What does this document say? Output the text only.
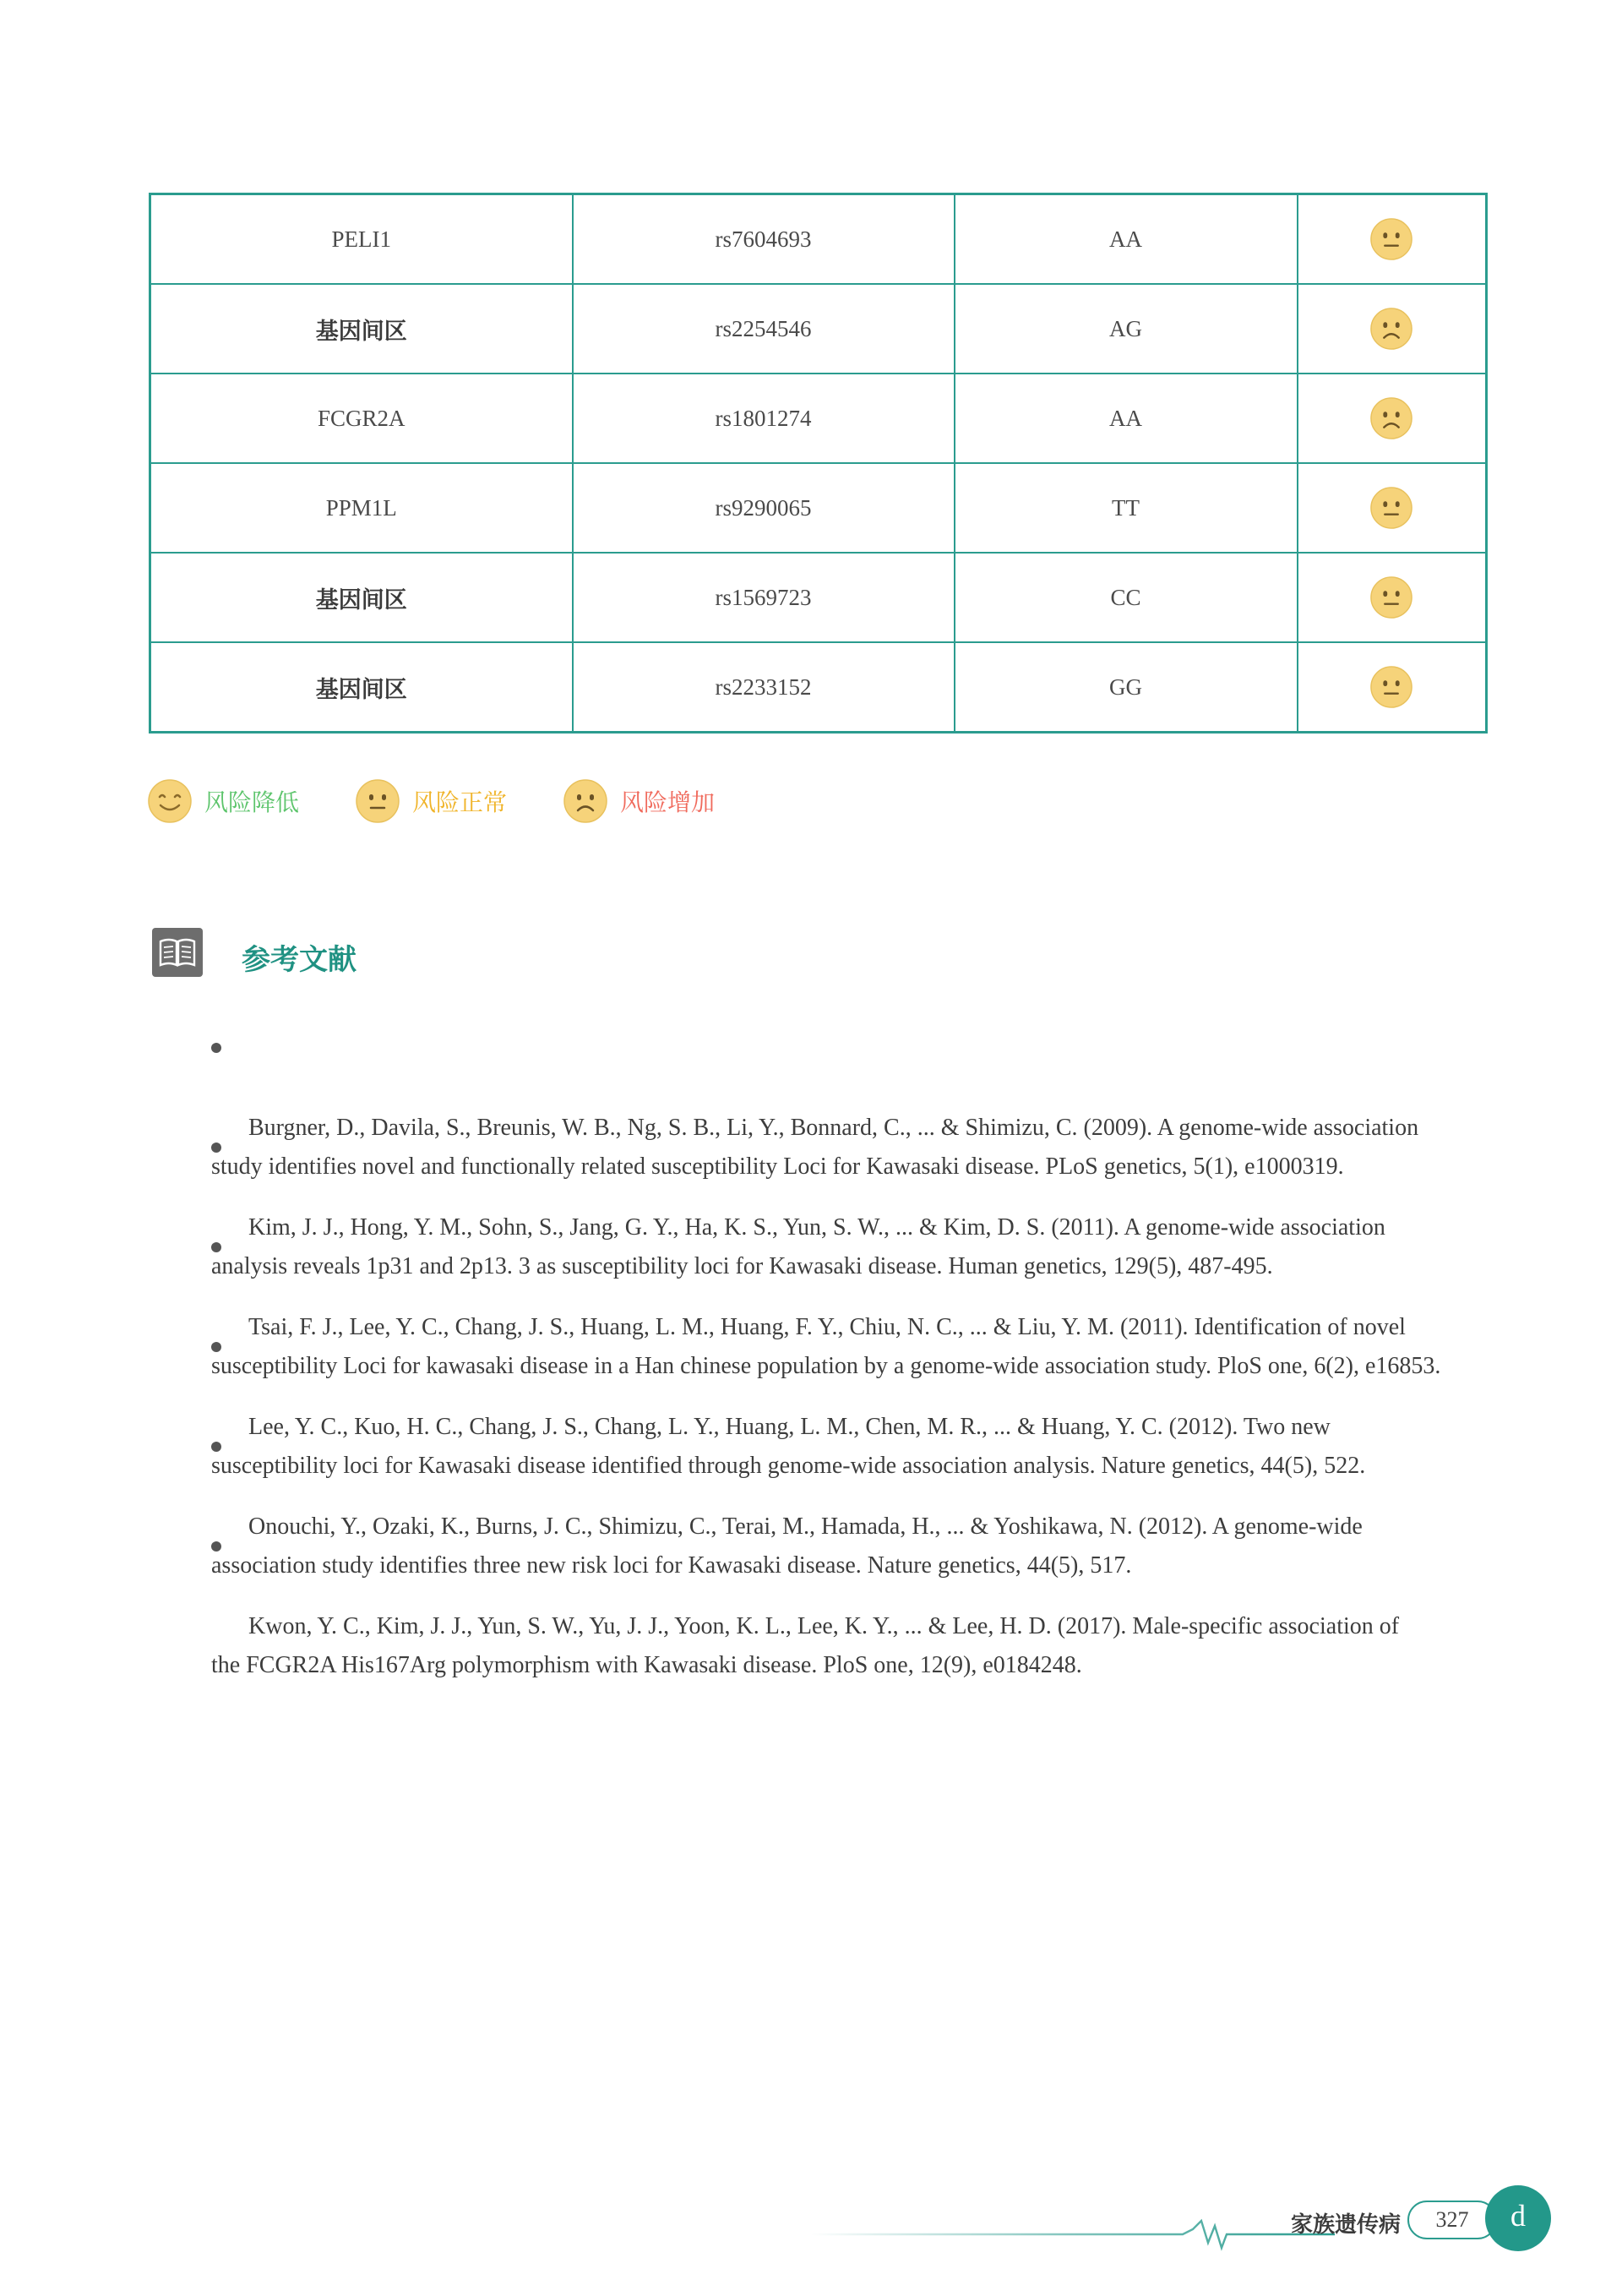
PELI1	rs7604693	AA	
基因间区	rs2254546	AG	
FCGR2A	rs1801274	AA	
PPM1L	rs9290065	TT	
基因间区	rs1569723	CC	
基因间区	rs2233152	GG	
风险降低	风险正常	风险增加
参考文献

Burgner, D., Davila, S., Breunis, W. B., Ng, S. B., Li, Y., Bonnard, C., ... & Shimizu, C. (2009). A genome-wide association
study identifies novel and functionally related susceptibility Loci for Kawasaki disease. PLoS genetics, 5(1), e1000319.

Kim, J. J., Hong, Y. M., Sohn, S., Jang, G. Y., Ha, K. S., Yun, S. W., ... & Kim, D. S. (2011). A genome-wide association
analysis reveals 1p31 and 2p13. 3 as susceptibility loci for Kawasaki disease. Human genetics, 129(5), 487-495.

Tsai, F. J., Lee, Y. C., Chang, J. S., Huang, L. M., Huang, F. Y., Chiu, N. C., ... & Liu, Y. M. (2011). Identification of novel
susceptibility Loci for kawasaki disease in a Han chinese population by a genome-wide association study. PloS one, 6(2), e16853.

Lee, Y. C., Kuo, H. C., Chang, J. S., Chang, L. Y., Huang, L. M., Chen, M. R., ... & Huang, Y. C. (2012). Two new
susceptibility loci for Kawasaki disease identified through genome-wide association analysis. Nature genetics, 44(5), 522.

Onouchi, Y., Ozaki, K., Burns, J. C., Shimizu, C., Terai, M., Hamada, H., ... & Yoshikawa, N. (2012). A genome-wide
association study identifies three new risk loci for Kawasaki disease. Nature genetics, 44(5), 517.

Kwon, Y. C., Kim, J. J., Yun, S. W., Yu, J. J., Yoon, K. L., Lee, K. Y., ... & Lee, H. D. (2017). Male-specific association of
the FCGR2A His167Arg polymorphism with Kawasaki disease. PloS one, 12(9), e0184248.

家族遗传病	327	d
